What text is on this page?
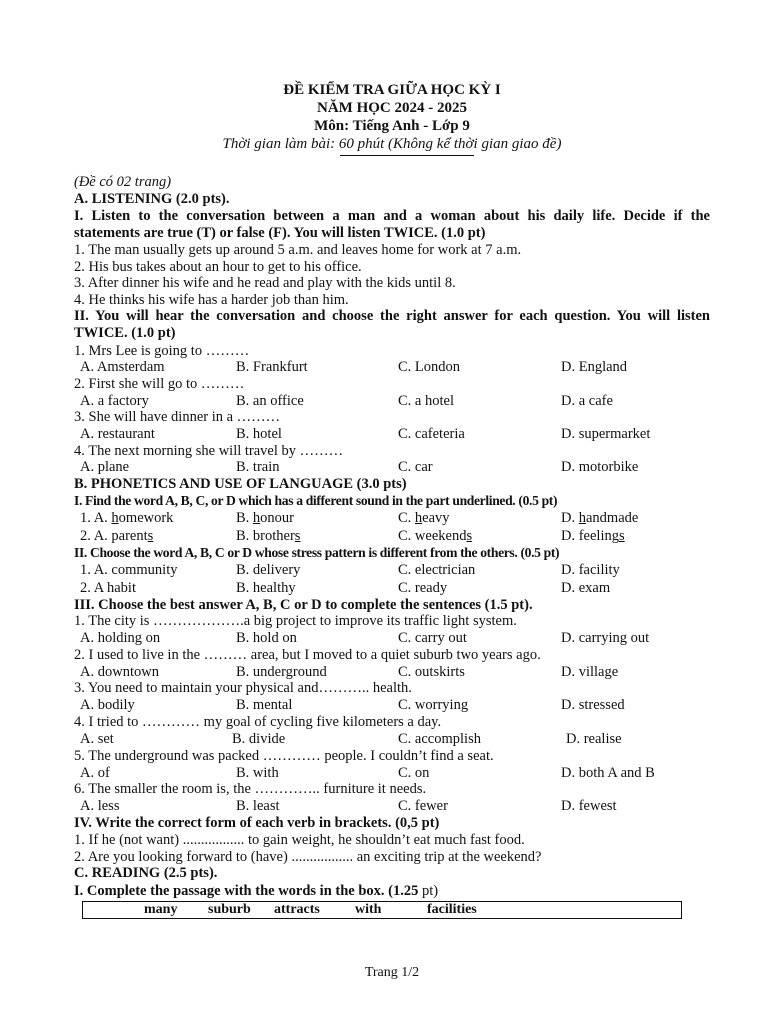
ĐỀ KIỂM TRA GIỮA HỌC KỲ I
NĂM HỌC 2024 - 2025
Môn: Tiếng Anh - Lớp 9
Thời gian làm bài: 60 phút (Không kể thời gian giao đề)
(Đề có 02 trang)
A. LISTENING (2.0 pts).
I. Listen to the conversation between a man and a woman about his daily life. Decide if the
statements are true (T) or false (F). You will listen TWICE. (1.0 pt)
1. The man usually gets up around 5 a.m. and leaves home for work at 7 a.m.
2. His bus takes about an hour to get to his office.
3. After dinner his wife and he read and play with the kids until 8.
4. He thinks his wife has a harder job than him.
II. You will hear the conversation and choose the right answer for each question. You will listen
TWICE. (1.0 pt)
1. Mrs Lee is going to ………
A. Amsterdam	B. Frankfurt	C. London	D. England
2. First she will go to ………
A. a factory	B. an office	C. a hotel	D. a cafe
3. She will have dinner in a ………
A. restaurant	B. hotel	C. cafeteria	D. supermarket
4. The next morning she will travel by ………
A. plane	B. train	C. car	D. motorbike
B. PHONETICS AND USE OF LANGUAGE (3.0 pts)
I. Find the word A, B, C, or D which has a different sound in the part underlined. (0.5 pt)
1. A. homework	B. honour	C. heavy	D. handmade
2. A. parents	B. brothers	C. weekends	D. feelings
II. Choose the word A, B, C or D whose stress pattern is different from the others. (0.5 pt)
1. A. community	B. delivery	C. electrician	D. facility
2. A habit	B. healthy	C. ready	D. exam
III. Choose the best answer A, B, C or D to complete the sentences (1.5 pt).
1. The city is ……………….a big project to improve its traffic light system.
A. holding on	B. hold on	C. carry out	D. carrying out
2. I used to live in the ……… area, but I moved to a quiet suburb two years ago.
A. downtown	B. underground	C. outskirts	D. village
3. You need to maintain your physical and……….. health.
A. bodily	B. mental	C. worrying	D. stressed
4. I tried to ………… my goal of cycling five kilometers a day.
A. set	B. divide	C. accomplish	D. realise
5. The underground was packed ………… people. I couldn’t find a seat.
A. of	B. with	C. on	D. both A and B
6. The smaller the room is, the ………….. furniture it needs.
A. less	B. least	C. fewer	D. fewest
IV. Write the correct form of each verb in brackets. (0,5 pt)
1. If he (not want) ................. to gain weight, he shouldn’t eat much fast food.
2. Are you looking forward to (have) ................. an exciting trip at the weekend?
C. READING (2.5 pts).
I. Complete the passage with the words in the box. (1.25 pt)
many suburb attracts	with	facilities
Trang 1/2
